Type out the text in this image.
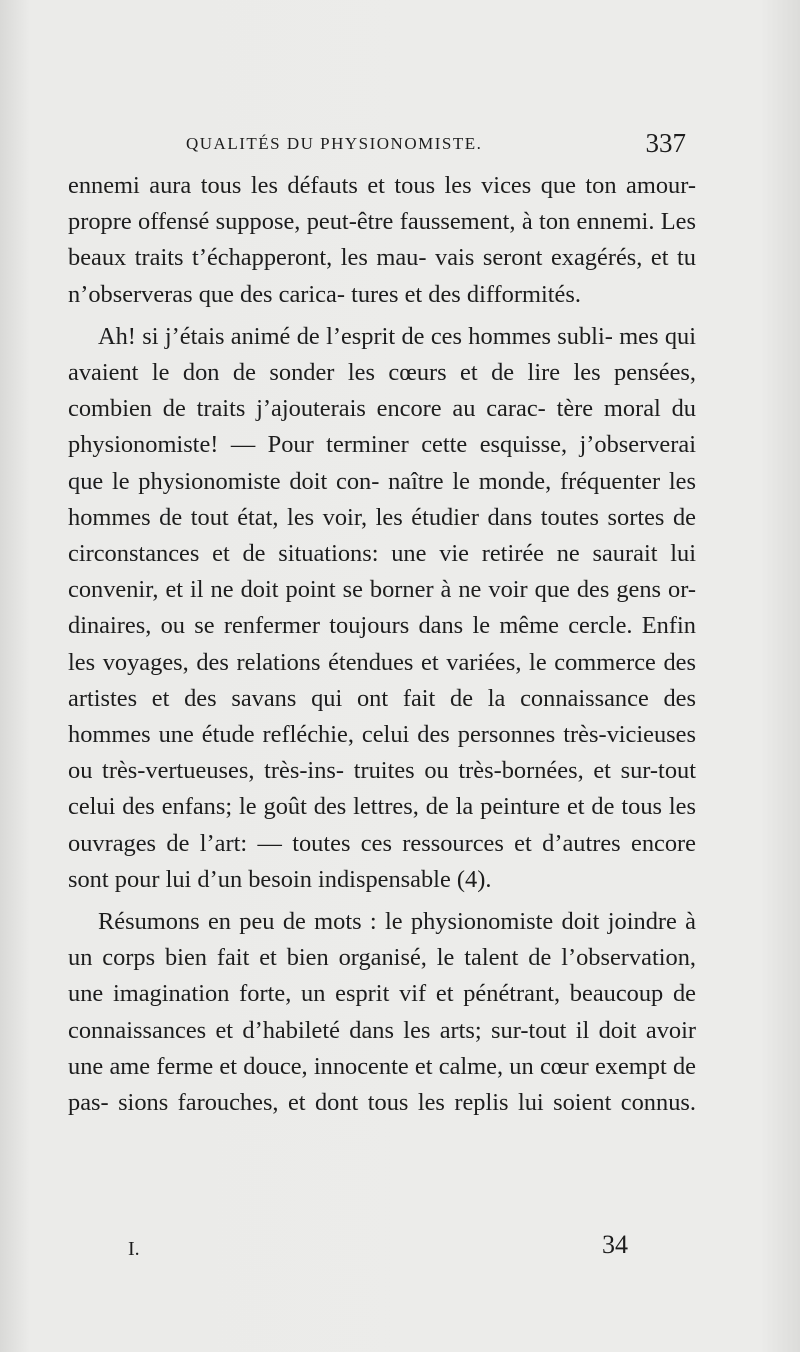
QUALITÉS DU PHYSIONOMISTE.	337

ennemi aura tous les défauts et tous les vices que ton amour-propre offensé suppose, peut-être faussement, à ton ennemi. Les beaux traits t’échapperont, les mau- vais seront exagérés, et tu n’observeras que des carica- tures et des difformités.

Ah! si j’étais animé de l’esprit de ces hommes subli- mes qui avaient le don de sonder les cœurs et de lire les pensées, combien de traits j’ajouterais encore au carac- tère moral du physionomiste! — Pour terminer cette esquisse, j’observerai que le physionomiste doit con- naître le monde, fréquenter les hommes de tout état, les voir, les étudier dans toutes sortes de circonstances et de situations: une vie retirée ne saurait lui convenir, et il ne doit point se borner à ne voir que des gens or- dinaires, ou se renfermer toujours dans le même cercle. Enfin les voyages, des relations étendues et variées, le commerce des artistes et des savans qui ont fait de la connaissance des hommes une étude refléchie, celui des personnes très-vicieuses ou très-vertueuses, très-ins- truites ou très-bornées, et sur-tout celui des enfans; le goût des lettres, de la peinture et de tous les ouvrages de l’art: — toutes ces ressources et d’autres encore sont pour lui d’un besoin indispensable (4).

Résumons en peu de mots : le physionomiste doit joindre à un corps bien fait et bien organisé, le talent de l’observation, une imagination forte, un esprit vif et pénétrant, beaucoup de connaissances et d’habileté dans les arts; sur-tout il doit avoir une ame ferme et douce, innocente et calme, un cœur exempt de pas- sions farouches, et dont tous les replis lui soient connus.

I.	34
